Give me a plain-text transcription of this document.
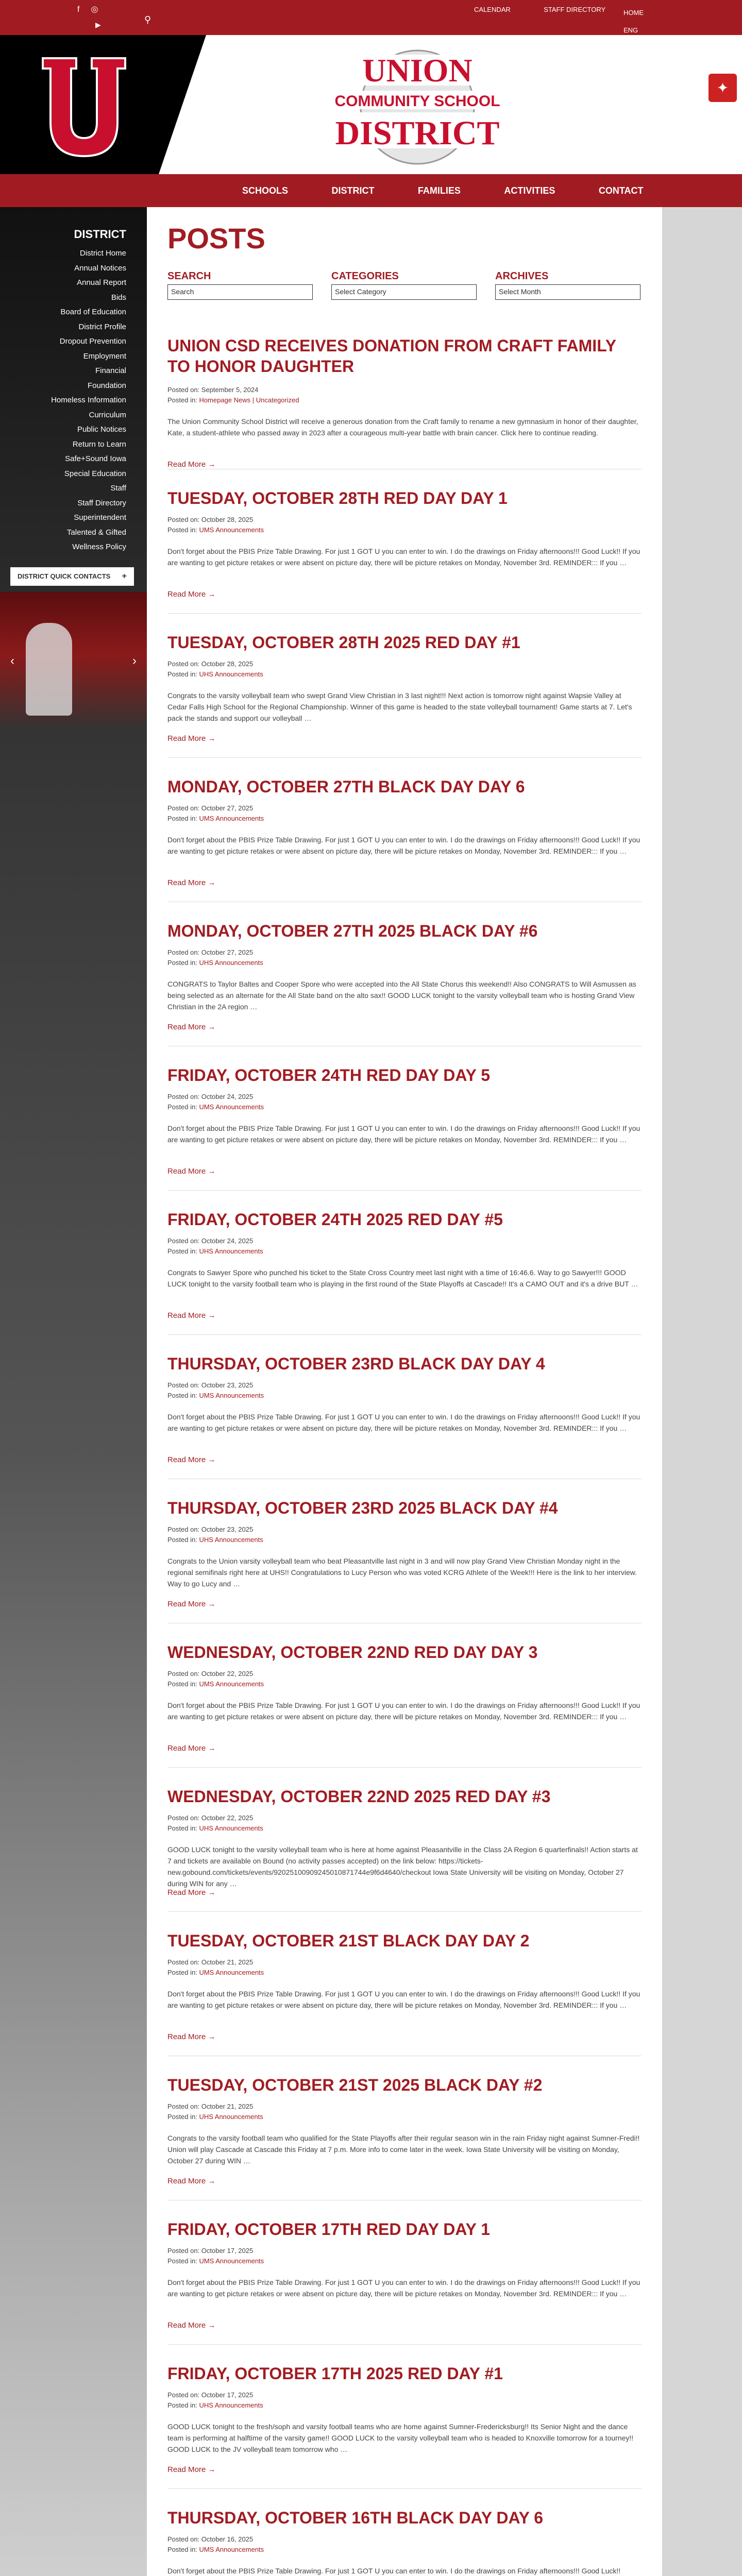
f ◎
▶	⚲
CALENDAR	STAFF DIRECTORY	HOME
ENG
UNION
COMMUNITY SCHOOL
DISTRICT
✦
SCHOOLS	DISTRICT	FAMILIES	ACTIVITIES	CONTACT
DISTRICT
District Home
Annual Notices
Annual Report
Bids
Board of Education
District Profile
Dropout Prevention
Employment
Financial
Foundation
Homeless Information
Curriculum
Public Notices
Return to Learn
Safe+Sound Iowa
Special Education
Staff
Staff Directory
Superintendent
Talented & Gifted
Wellness Policy
DISTRICT QUICK CONTACTS +
‹	›
POSTS
SEARCH
Search
CATEGORIES
Select Category
ARCHIVES
Select Month
UNION CSD RECEIVES DONATION FROM CRAFT FAMILY TO HONOR DAUGHTER
Posted on: September 5, 2024
Posted in: Homepage News | Uncategorized

The Union Community School District will receive a generous donation from the Craft family to rename a new gymnasium in honor of their daughter, Kate, a student-athlete who passed away in 2023 after a courageous multi-year battle with brain cancer. Click here to continue reading.

Read More →
TUESDAY, OCTOBER 28TH RED DAY DAY 1
Posted on: October 28, 2025
Posted in: UMS Announcements

Don't forget about the PBIS Prize Table Drawing. For just 1 GOT U you can enter to win. I do the drawings on Friday afternoons!!! Good Luck!! If you are wanting to get picture retakes or were absent on picture day, there will be picture retakes on Monday, November 3rd. REMINDER::: If you …

Read More →
TUESDAY, OCTOBER 28TH 2025 RED DAY #1
Posted on: October 28, 2025
Posted in: UHS Announcements

Congrats to the varsity volleyball team who swept Grand View Christian in 3 last night!!! Next action is tomorrow night against Wapsie Valley at Cedar Falls High School for the Regional Championship. Winner of this game is headed to the state volleyball tournament! Game starts at 7. Let's pack the stands and support our volleyball …

Read More →
MONDAY, OCTOBER 27TH BLACK DAY DAY 6
Posted on: October 27, 2025
Posted in: UMS Announcements

Don't forget about the PBIS Prize Table Drawing. For just 1 GOT U you can enter to win. I do the drawings on Friday afternoons!!! Good Luck!! If you are wanting to get picture retakes or were absent on picture day, there will be picture retakes on Monday, November 3rd. REMINDER::: If you …

Read More →
MONDAY, OCTOBER 27TH 2025 BLACK DAY #6
Posted on: October 27, 2025
Posted in: UHS Announcements

CONGRATS to Taylor Baltes and Cooper Spore who were accepted into the All State Chorus this weekend!! Also CONGRATS to Will Asmussen as being selected as an alternate for the All State band on the alto sax!! GOOD LUCK tonight to the varsity volleyball team who is hosting Grand View Christian in the 2A region …

Read More →
FRIDAY, OCTOBER 24TH RED DAY DAY 5
Posted on: October 24, 2025
Posted in: UMS Announcements

Don't forget about the PBIS Prize Table Drawing. For just 1 GOT U you can enter to win. I do the drawings on Friday afternoons!!! Good Luck!! If you are wanting to get picture retakes or were absent on picture day, there will be picture retakes on Monday, November 3rd. REMINDER::: If you …

Read More →
FRIDAY, OCTOBER 24TH 2025 RED DAY #5
Posted on: October 24, 2025
Posted in: UHS Announcements

Congrats to Sawyer Spore who punched his ticket to the State Cross Country meet last night with a time of 16:46.6. Way to go Sawyer!!! GOOD LUCK tonight to the varsity football team who is playing in the first round of the State Playoffs at Cascade!! It's a CAMO OUT and it's a drive BUT …

Read More →
THURSDAY, OCTOBER 23RD BLACK DAY DAY 4
Posted on: October 23, 2025
Posted in: UMS Announcements

Don't forget about the PBIS Prize Table Drawing. For just 1 GOT U you can enter to win. I do the drawings on Friday afternoons!!! Good Luck!! If you are wanting to get picture retakes or were absent on picture day, there will be picture retakes on Monday, November 3rd. REMINDER::: If you …

Read More →
THURSDAY, OCTOBER 23RD 2025 BLACK DAY #4
Posted on: October 23, 2025
Posted in: UHS Announcements

Congrats to the Union varsity volleyball team who beat Pleasantville last night in 3 and will now play Grand View Christian Monday night in the regional semifinals right here at UHS!! Congratulations to Lucy Person who was voted KCRG Athlete of the Week!!! Here is the link to her interview. Way to go Lucy and …

Read More →
WEDNESDAY, OCTOBER 22ND RED DAY DAY 3
Posted on: October 22, 2025
Posted in: UMS Announcements

Don't forget about the PBIS Prize Table Drawing. For just 1 GOT U you can enter to win. I do the drawings on Friday afternoons!!! Good Luck!! If you are wanting to get picture retakes or were absent on picture day, there will be picture retakes on Monday, November 3rd. REMINDER::: If you …

Read More →
WEDNESDAY, OCTOBER 22ND 2025 RED DAY #3
Posted on: October 22, 2025
Posted in: UHS Announcements

GOOD LUCK tonight to the varsity volleyball team who is here at home against Pleasantville in the Class 2A Region 6 quarterfinals!! Action starts at 7 and tickets are available on Bound (no activity passes accepted) on the link below: https://tickets-new.gobound.com/tickets/events/92025100909245010871744e9f6d4640/checkout Iowa State University will be visiting on Monday, October 27 during WIN for any …

Read More →
TUESDAY, OCTOBER 21ST BLACK DAY DAY 2
Posted on: October 21, 2025
Posted in: UMS Announcements

Don't forget about the PBIS Prize Table Drawing. For just 1 GOT U you can enter to win. I do the drawings on Friday afternoons!!! Good Luck!! If you are wanting to get picture retakes or were absent on picture day, there will be picture retakes on Monday, November 3rd. REMINDER::: If you …

Read More →
TUESDAY, OCTOBER 21ST 2025 BLACK DAY #2
Posted on: October 21, 2025
Posted in: UHS Announcements

Congrats to the varsity football team who qualified for the State Playoffs after their regular season win in the rain Friday night against Sumner-Fredi!! Union will play Cascade at Cascade this Friday at 7 p.m. More info to come later in the week. Iowa State University will be visiting on Monday, October 27 during WIN …

Read More →
FRIDAY, OCTOBER 17TH RED DAY DAY 1
Posted on: October 17, 2025
Posted in: UMS Announcements

Don't forget about the PBIS Prize Table Drawing. For just 1 GOT U you can enter to win. I do the drawings on Friday afternoons!!! Good Luck!! If you are wanting to get picture retakes or were absent on picture day, there will be picture retakes on Monday, November 3rd. REMINDER::: If you …

Read More →
FRIDAY, OCTOBER 17TH 2025 RED DAY #1
Posted on: October 17, 2025
Posted in: UHS Announcements

GOOD LUCK tonight to the fresh/soph and varsity football teams who are home against Sumner-Fredericksburg!! Its Senior Night and the dance team is performing at halftime of the varsity game!! GOOD LUCK to the varsity volleyball team who is headed to Knoxville tomorrow for a tourney!! GOOD LUCK to the JV volleyball team tomorrow who …

Read More →
THURSDAY, OCTOBER 16TH BLACK DAY DAY 6
Posted on: October 16, 2025
Posted in: UMS Announcements

Don't forget about the PBIS Prize Table Drawing. For just 1 GOT U you can enter to win. I do the drawings on Friday afternoons!!! Good Luck!!
